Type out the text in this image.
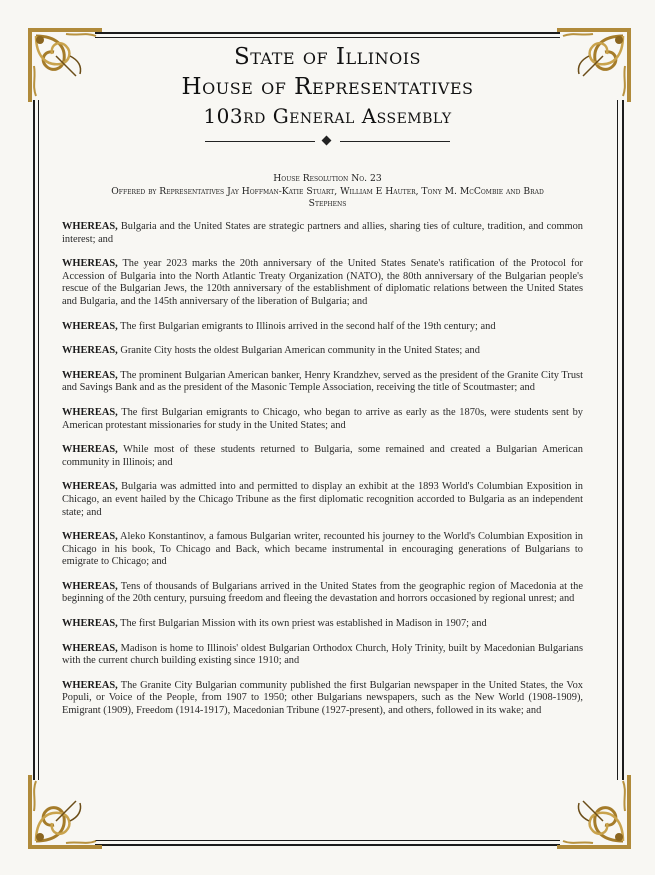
State of Illinois
House of Representatives
103rd General Assembly
House Resolution No. 23
Offered by Representatives Jay Hoffman-Katie Stuart, William E Hauter, Tony M. McCombie and Brad
Stephens

WHEREAS, Bulgaria and the United States are strategic partners and allies, sharing ties of culture, tradition, and common interest; and

WHEREAS, The year 2023 marks the 20th anniversary of the United States Senate's ratification of the Protocol for Accession of Bulgaria into the North Atlantic Treaty Organization (NATO), the 80th anniversary of the Bulgarian people's rescue of the Bulgarian Jews, the 120th anniversary of the establishment of diplomatic relations between the United States and Bulgaria, and the 145th anniversary of the liberation of Bulgaria; and

WHEREAS, The first Bulgarian emigrants to Illinois arrived in the second half of the 19th century; and

WHEREAS, Granite City hosts the oldest Bulgarian American community in the United States; and

WHEREAS, The prominent Bulgarian American banker, Henry Krandzhev, served as the president of the Granite City Trust and Savings Bank and as the president of the Masonic Temple Association, receiving the title of Scoutmaster; and

WHEREAS, The first Bulgarian emigrants to Chicago, who began to arrive as early as the 1870s, were students sent by American protestant missionaries for study in the United States; and

WHEREAS, While most of these students returned to Bulgaria, some remained and created a Bulgarian American community in Illinois; and

WHEREAS, Bulgaria was admitted into and permitted to display an exhibit at the 1893 World's Columbian Exposition in Chicago, an event hailed by the Chicago Tribune as the first diplomatic recognition accorded to Bulgaria as an independent state; and

WHEREAS, Aleko Konstantinov, a famous Bulgarian writer, recounted his journey to the World's Columbian Exposition in Chicago in his book, To Chicago and Back, which became instrumental in encouraging generations of Bulgarians to emigrate to Chicago; and

WHEREAS, Tens of thousands of Bulgarians arrived in the United States from the geographic region of Macedonia at the beginning of the 20th century, pursuing freedom and fleeing the devastation and horrors occasioned by regional unrest; and

WHEREAS, The first Bulgarian Mission with its own priest was established in Madison in 1907; and

WHEREAS, Madison is home to Illinois' oldest Bulgarian Orthodox Church, Holy Trinity, built by Macedonian Bulgarians with the current church building existing since 1910; and

WHEREAS, The Granite City Bulgarian community published the first Bulgarian newspaper in the United States, the Vox Populi, or Voice of the People, from 1907 to 1950; other Bulgarians newspapers, such as the New World (1908-1909), Emigrant (1909), Freedom (1914-1917), Macedonian Tribune (1927-present), and others, followed in its wake; and
